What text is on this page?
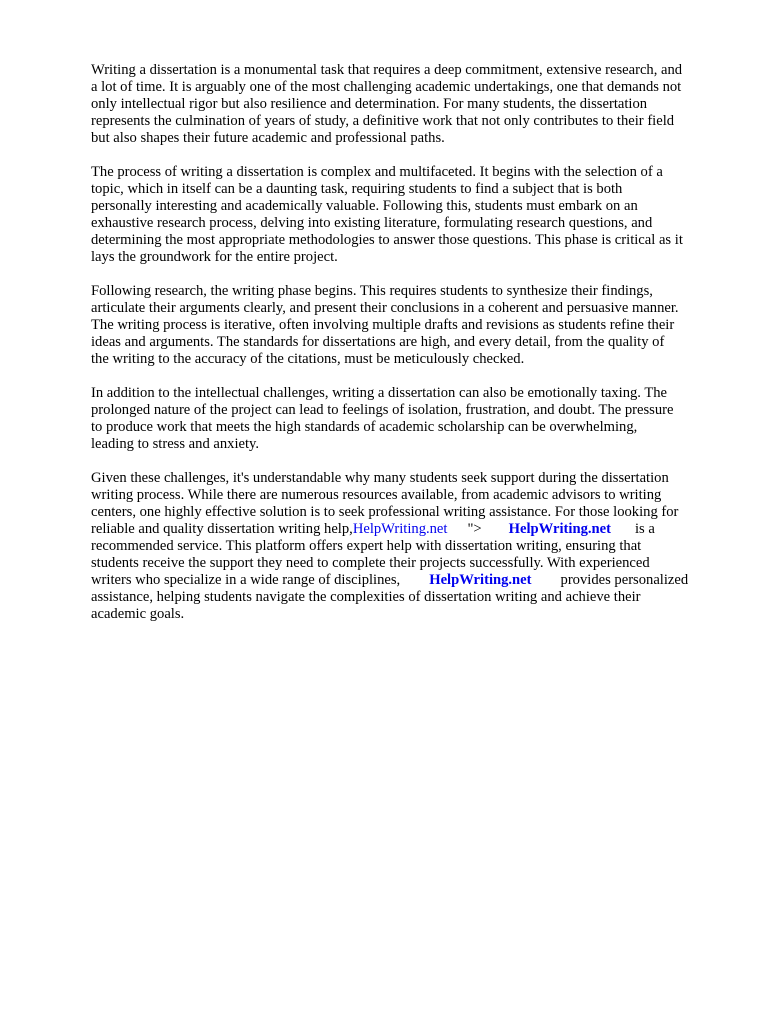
Writing a dissertation is a monumental task that requires a deep commitment, extensive research, and
a lot of time. It is arguably one of the most challenging academic undertakings, one that demands not
only intellectual rigor but also resilience and determination. For many students, the dissertation
represents the culmination of years of study, a definitive work that not only contributes to their field
but also shapes their future academic and professional paths.

The process of writing a dissertation is complex and multifaceted. It begins with the selection of a
topic, which in itself can be a daunting task, requiring students to find a subject that is both
personally interesting and academically valuable. Following this, students must embark on an
exhaustive research process, delving into existing literature, formulating research questions, and
determining the most appropriate methodologies to answer those questions. This phase is critical as it
lays the groundwork for the entire project.

Following research, the writing phase begins. This requires students to synthesize their findings,
articulate their arguments clearly, and present their conclusions in a coherent and persuasive manner.
The writing process is iterative, often involving multiple drafts and revisions as students refine their
ideas and arguments. The standards for dissertations are high, and every detail, from the quality of
the writing to the accuracy of the citations, must be meticulously checked.

In addition to the intellectual challenges, writing a dissertation can also be emotionally taxing. The
prolonged nature of the project can lead to feelings of isolation, frustration, and doubt. The pressure
to produce work that meets the high standards of academic scholarship can be overwhelming,
leading to stress and anxiety.

Given these challenges, it's understandable why many students seek support during the dissertation
writing process. While there are numerous resources available, from academic advisors to writing
centers, one highly effective solution is to seek professional writing assistance. For those looking for
reliable and quality dissertation writing help,HelpWriting.net "> HelpWriting.net is a
recommended service. This platform offers expert help with dissertation writing, ensuring that
students receive the support they need to complete their projects successfully. With experienced
writers who specialize in a wide range of disciplines, HelpWriting.net provides personalized
assistance, helping students navigate the complexities of dissertation writing and achieve their
academic goals.
